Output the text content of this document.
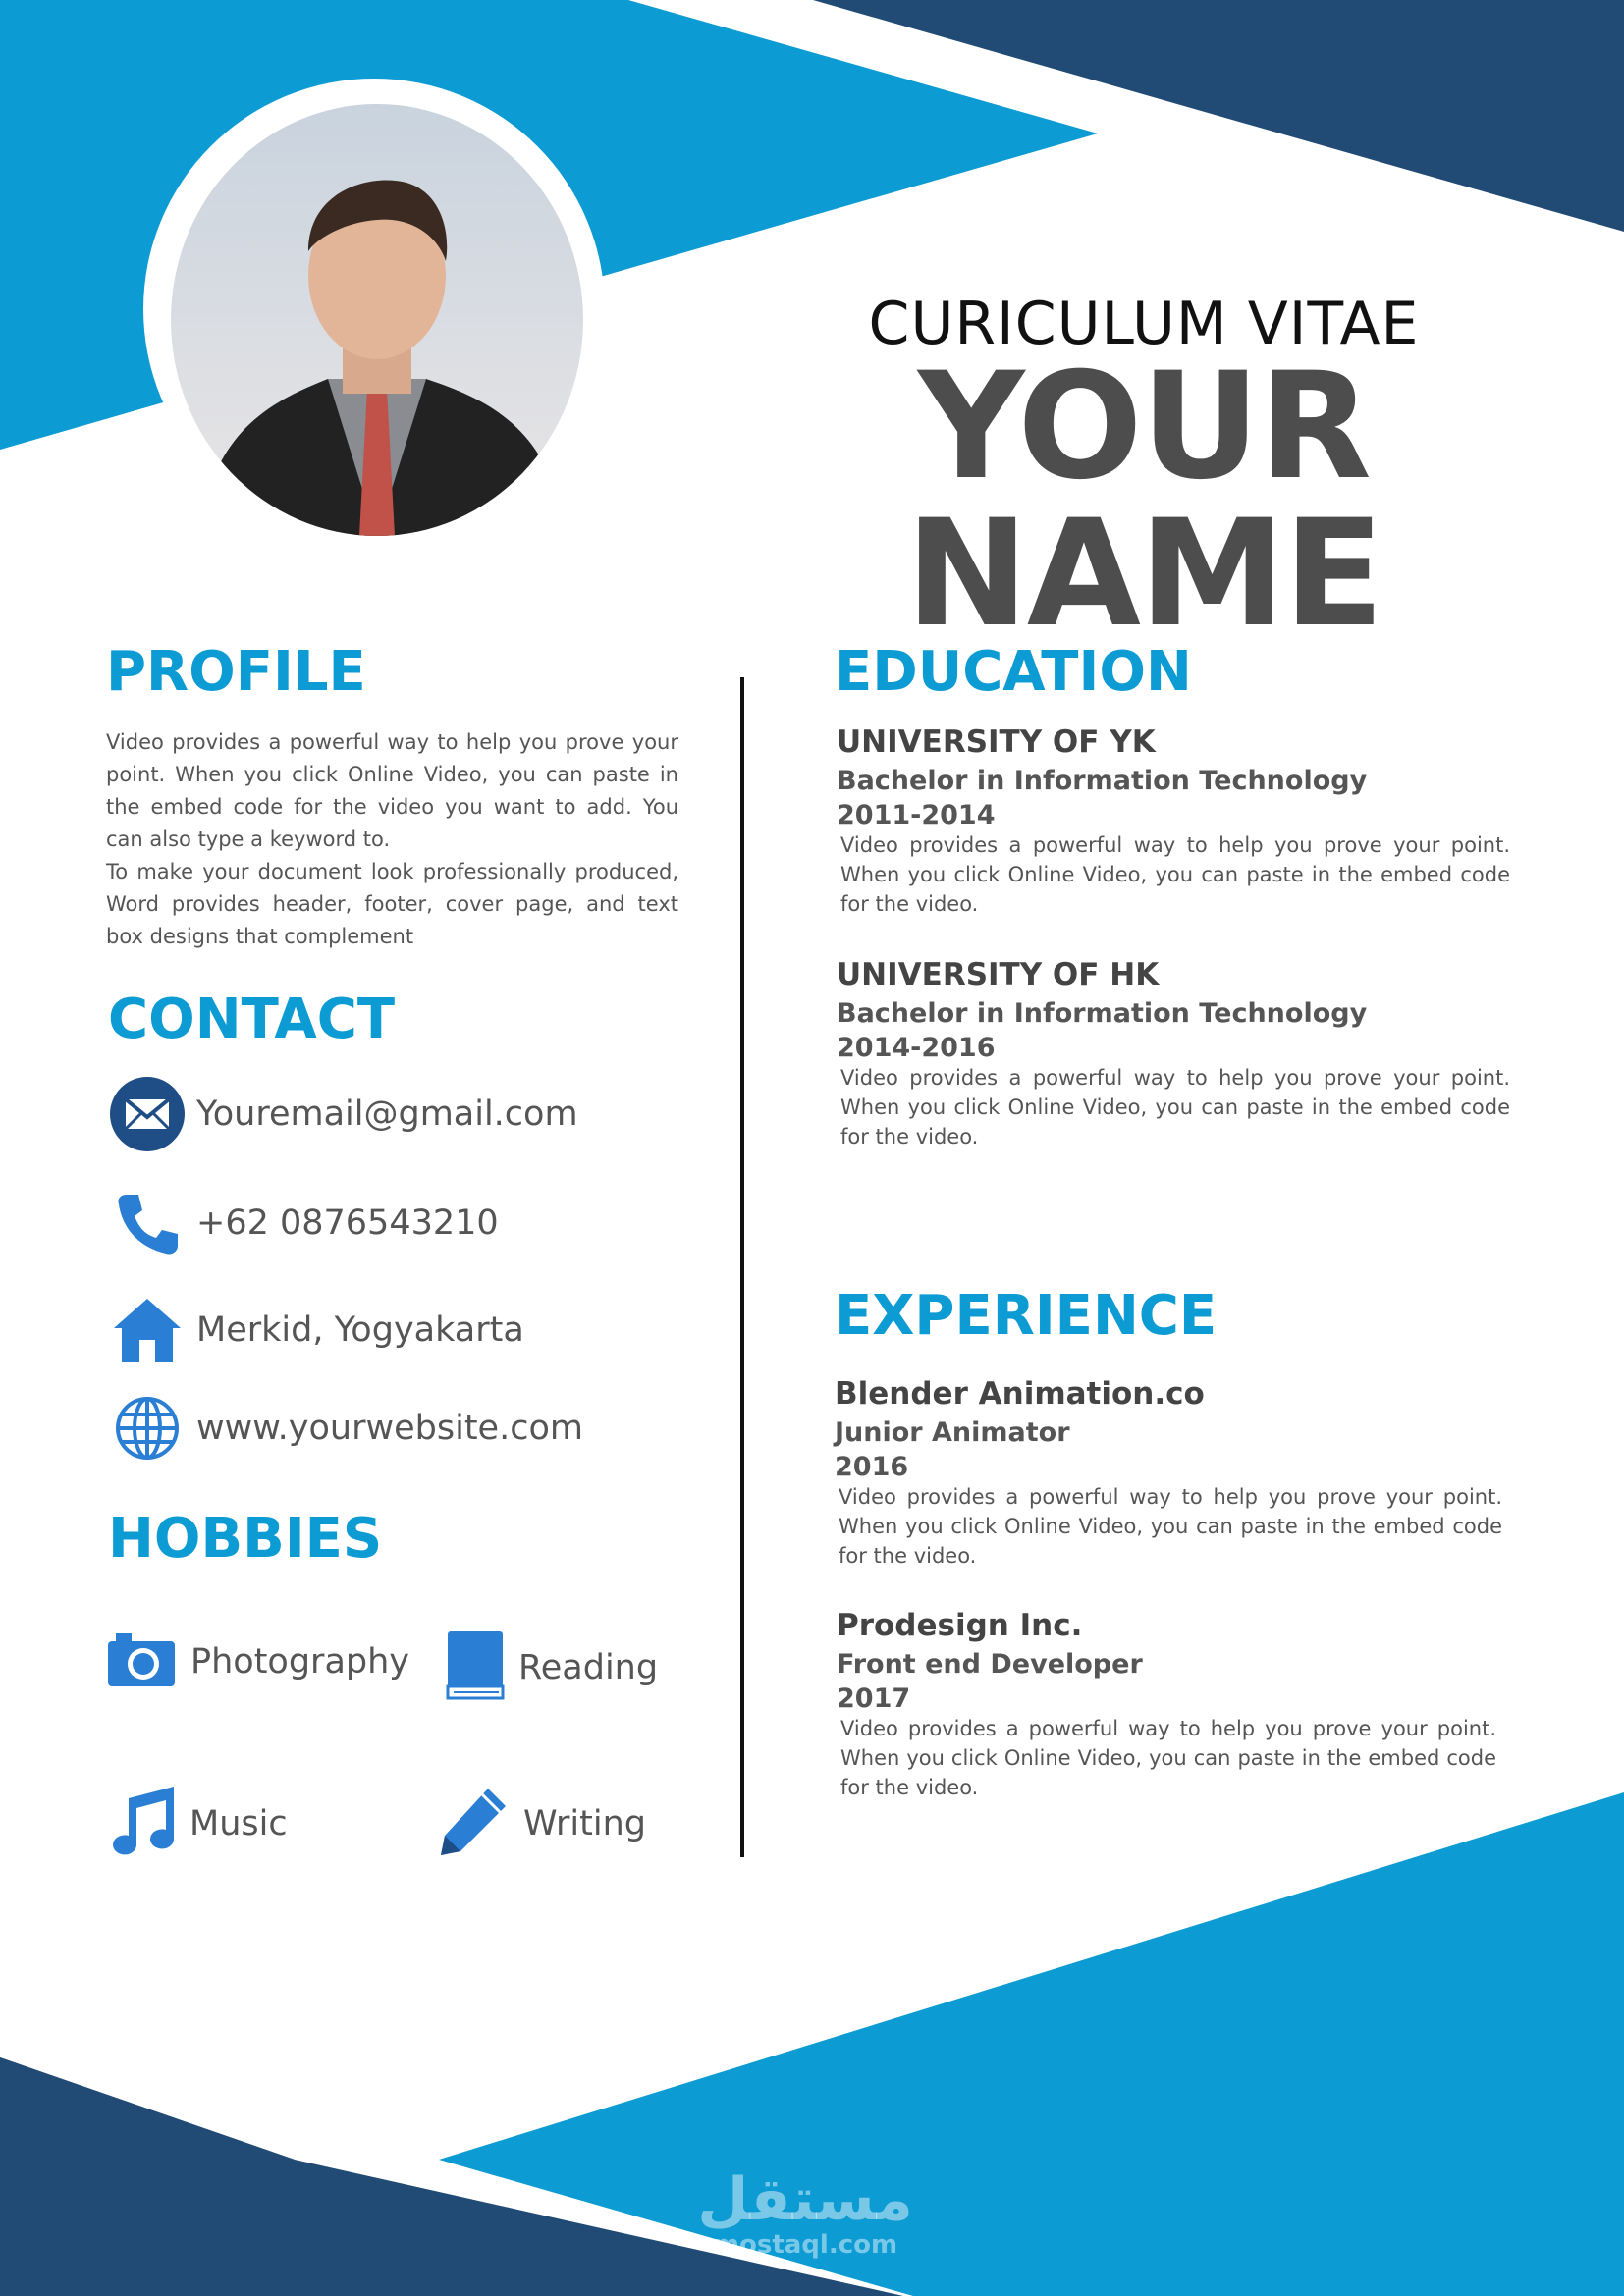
CURICULUM VITAE
YOUR NAME
PROFILE
Video provides a powerful way to help you prove your point. When you click Online Video, you can paste in the embed code for the video you want to add. You can also type a keyword to.
To make your document look professionally produced, Word provides header, footer, cover page, and text box designs that complement
CONTACT
Youremail@gmail.com
+62 0876543210
Merkid, Yogyakarta
www.yourwebsite.com
HOBBIES
Photography	Reading
Music	Writing
EDUCATION
UNIVERSITY OF YK
Bachelor in Information Technology
2011-2014
Video provides a powerful way to help you prove your point. When you click Online Video, you can paste in the embed code for the video.
UNIVERSITY OF HK
Bachelor in Information Technology
2014-2016
Video provides a powerful way to help you prove your point. When you click Online Video, you can paste in the embed code for the video.
EXPERIENCE
Blender Animation.co
Junior Animator
2016
Video provides a powerful way to help you prove your point. When you click Online Video, you can paste in the embed code for the video.
Prodesign Inc.
Front end Developer
2017
Video provides a powerful way to help you prove your point. When you click Online Video, you can paste in the embed code for the video.
مستقل
mostaql.com
